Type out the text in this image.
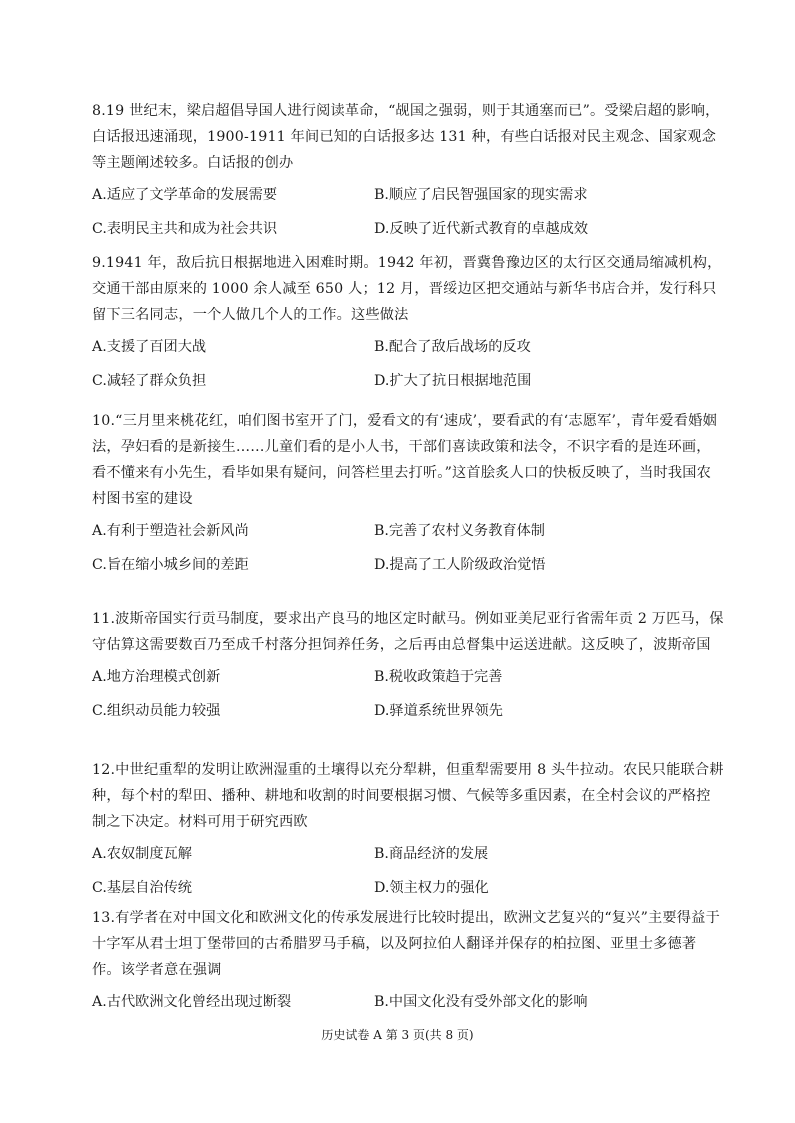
8.19 世纪末，梁启超倡导国人进行阅读革命，“觇国之强弱，则于其通塞而已”。受梁启超的影响，白话报迅速涌现，1900-1911 年间已知的白话报多达 131 种，有些白话报对民主观念、国家观念等主题阐述较多。白话报的创办

A.适应了文学革命的发展需要	B.顺应了启民智强国家的现实需求
C.表明民主共和成为社会共识	D.反映了近代新式教育的卓越成效

9.1941 年，敌后抗日根据地进入困难时期。1942 年初，晋冀鲁豫边区的太行区交通局缩减机构，交通干部由原来的 1000 余人减至 650 人；12 月，晋绥边区把交通站与新华书店合并，发行科只留下三名同志，一个人做几个人的工作。这些做法

A.支援了百团大战	B.配合了敌后战场的反攻
C.减轻了群众负担	D.扩大了抗日根据地范围

10.“三月里来桃花红，咱们图书室开了门，爱看文的有‘速成’，要看武的有‘志愿军’，青年爱看婚姻法，孕妇看的是新接生……儿童们看的是小人书，干部们喜读政策和法令，不识字看的是连环画，看不懂来有小先生，看毕如果有疑问，问答栏里去打听。”这首脍炙人口的快板反映了，当时我国农村图书室的建设

A.有利于塑造社会新风尚	B.完善了农村义务教育体制
C.旨在缩小城乡间的差距	D.提高了工人阶级政治觉悟

11.波斯帝国实行贡马制度，要求出产良马的地区定时献马。例如亚美尼亚行省需年贡 2 万匹马，保守估算这需要数百乃至成千村落分担饲养任务，之后再由总督集中运送进献。这反映了，波斯帝国

A.地方治理模式创新	B.税收政策趋于完善
C.组织动员能力较强	D.驿道系统世界领先

12.中世纪重犁的发明让欧洲湿重的土壤得以充分犁耕，但重犁需要用 8 头牛拉动。农民只能联合耕种，每个村的犁田、播种、耕地和收割的时间要根据习惯、气候等多重因素，在全村会议的严格控制之下决定。材料可用于研究西欧

A.农奴制度瓦解	B.商品经济的发展
C.基层自治传统	D.领主权力的强化

13.有学者在对中国文化和欧洲文化的传承发展进行比较时提出，欧洲文艺复兴的“复兴”主要得益于十字军从君士坦丁堡带回的古希腊罗马手稿，以及阿拉伯人翻译并保存的柏拉图、亚里士多德著作。该学者意在强调

A.古代欧洲文化曾经出现过断裂	B.中国文化没有受外部文化的影响
历史试卷 A 第 3 页(共 8 页)
